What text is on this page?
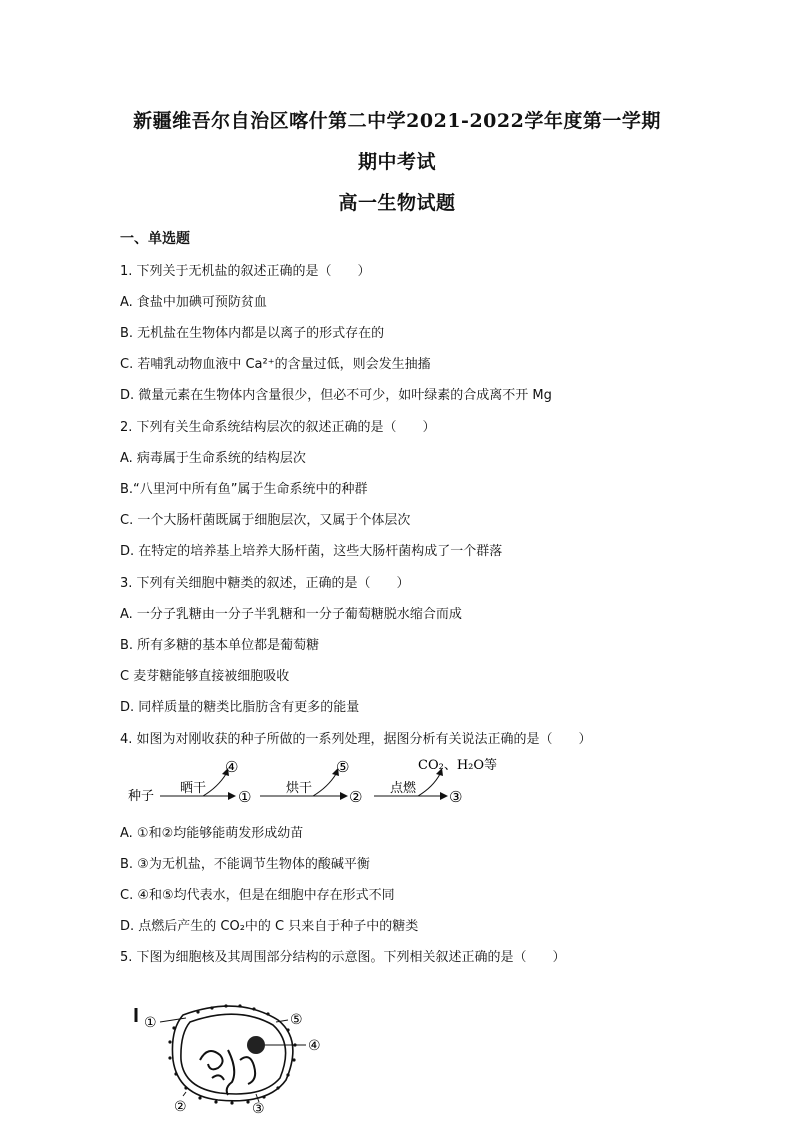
新疆维吾尔自治区喀什第二中学2021-2022学年度第一学期
期中考试
高一生物试题
一、单选题
1. 下列关于无机盐的叙述正确的是（　　）
A. 食盐中加碘可预防贫血
B. 无机盐在生物体内都是以离子的形式存在的
C. 若哺乳动物血液中 Ca²⁺的含量过低，则会发生抽搐
D. 微量元素在生物体内含量很少，但必不可少，如叶绿素的合成离不开 Mg
2. 下列有关生命系统结构层次的叙述正确的是（　　）
A. 病毒属于生命系统的结构层次
B.“八里河中所有鱼”属于生命系统中的种群
C. 一个大肠杆菌既属于细胞层次，又属于个体层次
D. 在特定的培养基上培养大肠杆菌，这些大肠杆菌构成了一个群落
3. 下列有关细胞中糖类的叙述，正确的是（　　）
A. 一分子乳糖由一分子半乳糖和一分子葡萄糖脱水缩合而成
B. 所有多糖的基本单位都是葡萄糖
C 麦芽糖能够直接被细胞吸收
D. 同样质量的糖类比脂肪含有更多的能量
4. 如图为对刚收获的种子所做的一系列处理，据图分析有关说法正确的是（　　）
种子
晒干
④
①	烘干
⑤
② 点燃
CO₂、H₂O等
③
A. ①和②均能够能萌发形成幼苗
B. ③为无机盐，不能调节生物体的酸碱平衡
C. ④和⑤均代表水，但是在细胞中存在形式不同
D. 点燃后产生的 CO₂中的 C 只来自于种子中的糖类
5. 下图为细胞核及其周围部分结构的示意图。下列相关叙述正确的是（　　）
①
②	③
④
⑤
